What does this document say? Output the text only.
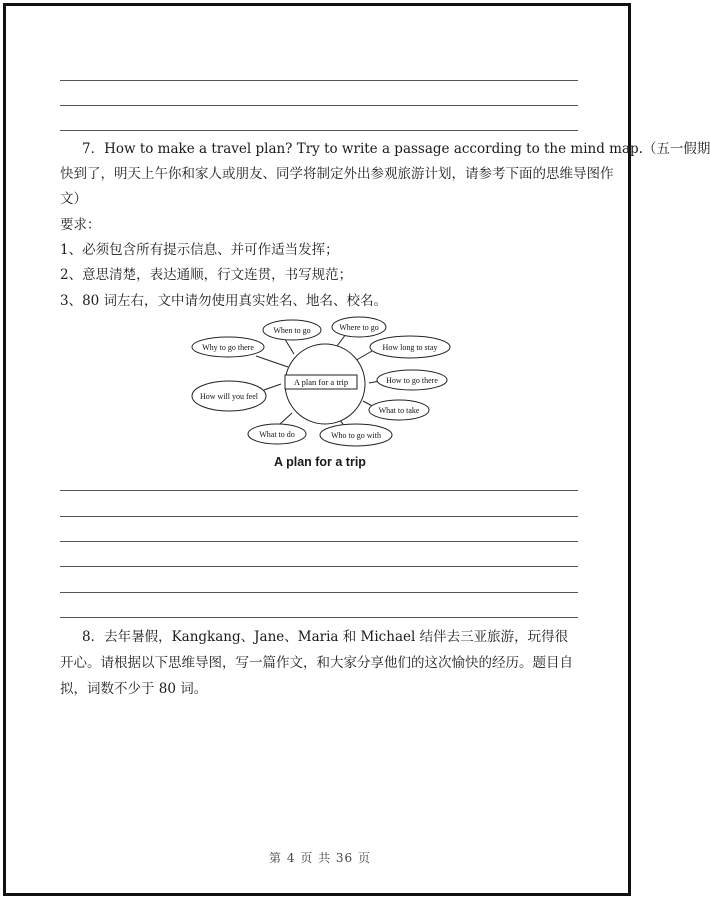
7．How to make a travel plan? Try to write a passage according to the mind map.（五一假期
快到了，明天上午你和家人或朋友、同学将制定外出参观旅游计划，请参考下面的思维导图作
文）
要求：
1、必须包含所有提示信息、并可作适当发挥；
2、意思清楚，表达通顺，行文连贯，书写规范；
3、80 词左右，文中请勿使用真实姓名、地名、校名。
A plan for a trip
When to go	Where to go
Why to go there	How long to stay
How will you feel
How to go there
What to take
What to do	Who to go with
A plan for a trip
8．去年暑假，Kangkang、Jane、Maria 和 Michael 结伴去三亚旅游，玩得很开心。请根据以下思维导图，写一篇作文，和大家分享他们的这次愉快的经历。题目自拟，词数不少于 80 词。
第 4 页 共 36 页
